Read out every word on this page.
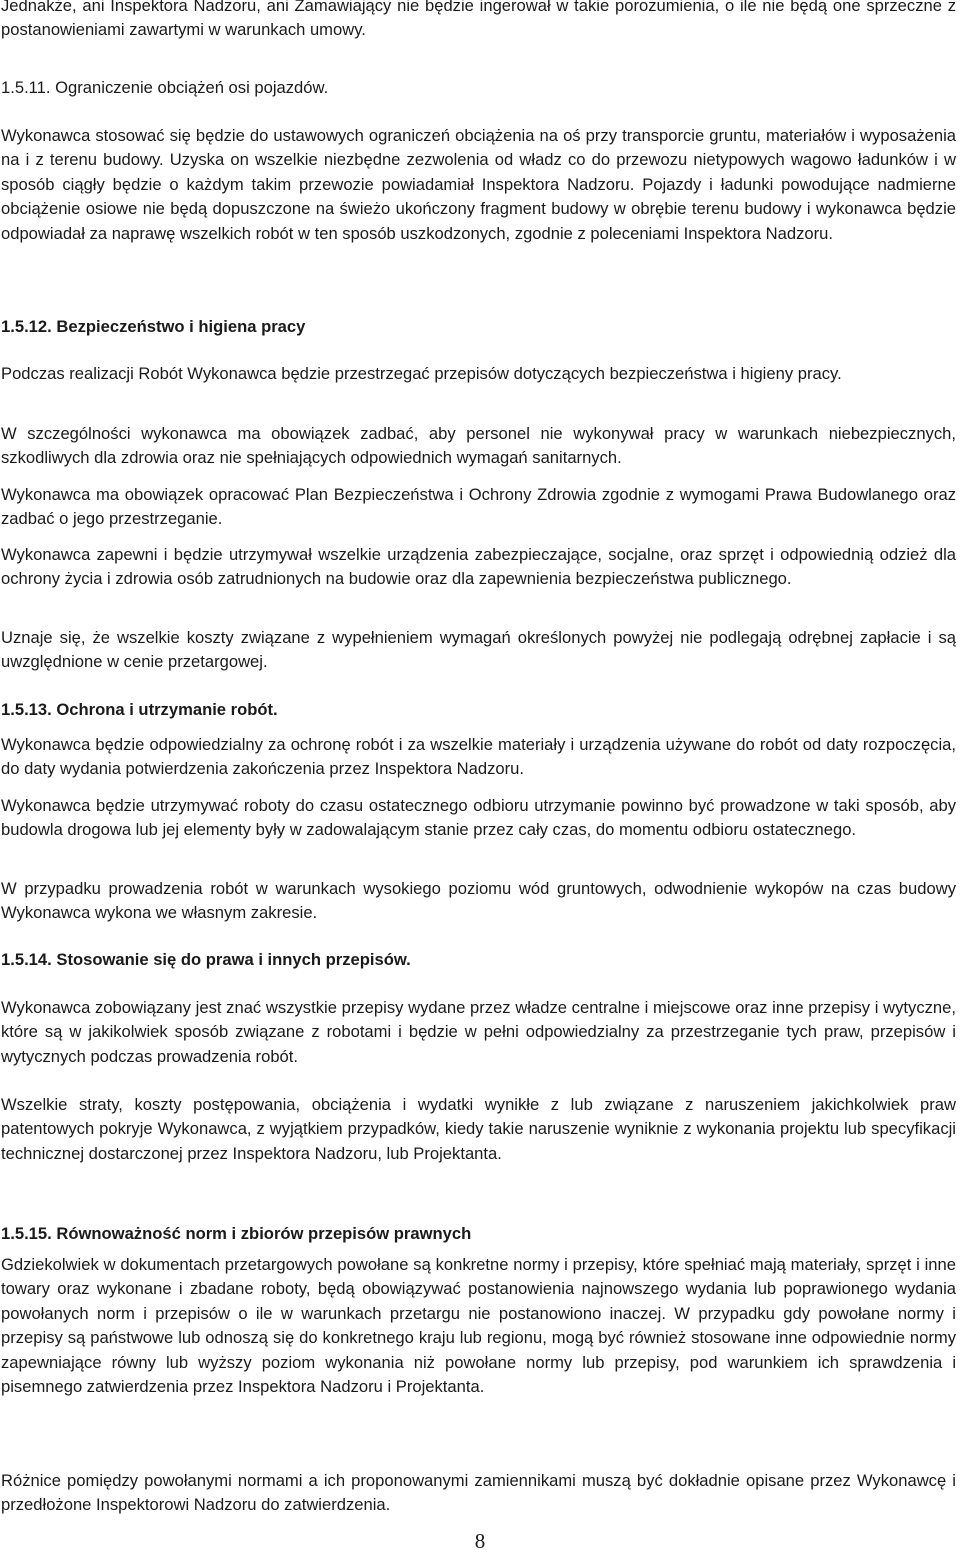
Jednakże, ani Inspektora Nadzoru, ani Zamawiający nie będzie ingerował w takie porozumienia, o ile nie będą one sprzeczne z postanowieniami zawartymi w warunkach umowy.

1.5.11. Ograniczenie obciążeń osi pojazdów.

Wykonawca stosować się będzie do ustawowych ograniczeń obciążenia na oś przy transporcie gruntu, materiałów i wyposażenia na i z terenu budowy. Uzyska on wszelkie niezbędne zezwolenia od władz co do przewozu nietypowych wagowo ładunków i w sposób ciągły będzie o każdym takim przewozie powiadamiał Inspektora Nadzoru. Pojazdy i ładunki powodujące nadmierne obciążenie osiowe nie będą dopuszczone na świeżo ukończony fragment budowy w obrębie terenu budowy i wykonawca będzie odpowiadał za naprawę wszelkich robót w ten sposób uszkodzonych, zgodnie z poleceniami Inspektora Nadzoru.

1.5.12. Bezpieczeństwo i higiena pracy

Podczas realizacji Robót Wykonawca będzie przestrzegać przepisów dotyczących bezpieczeństwa i higieny pracy.

W szczególności wykonawca ma obowiązek zadbać, aby personel nie wykonywał pracy w warunkach niebezpiecznych, szkodliwych dla zdrowia oraz nie spełniających odpowiednich wymagań sanitarnych.

Wykonawca ma obowiązek opracować Plan Bezpieczeństwa i Ochrony Zdrowia zgodnie z wymogami Prawa Budowlanego oraz zadbać o jego przestrzeganie.

Wykonawca zapewni i będzie utrzymywał wszelkie urządzenia zabezpieczające, socjalne, oraz sprzęt i odpowiednią odzież dla ochrony życia i zdrowia osób zatrudnionych na budowie oraz dla zapewnienia bezpieczeństwa publicznego.

Uznaje się, że wszelkie koszty związane z wypełnieniem wymagań określonych powyżej nie podlegają odrębnej zapłacie i są uwzględnione w cenie przetargowej.

1.5.13. Ochrona i utrzymanie robót.

Wykonawca będzie odpowiedzialny za ochronę robót i za wszelkie materiały i urządzenia używane do robót od daty rozpoczęcia, do daty wydania potwierdzenia zakończenia przez Inspektora Nadzoru.

Wykonawca będzie utrzymywać roboty do czasu ostatecznego odbioru utrzymanie powinno być prowadzone w taki sposób, aby budowla drogowa lub jej elementy były w zadowalającym stanie przez cały czas, do momentu odbioru ostatecznego.

W przypadku prowadzenia robót w warunkach wysokiego poziomu wód gruntowych, odwodnienie wykopów na czas budowy Wykonawca wykona we własnym zakresie.

1.5.14. Stosowanie się do prawa i innych przepisów.

Wykonawca zobowiązany jest znać wszystkie przepisy wydane przez władze centralne i miejscowe oraz inne przepisy i wytyczne, które są w jakikolwiek sposób związane z robotami i będzie w pełni odpowiedzialny za przestrzeganie tych praw, przepisów i wytycznych podczas prowadzenia robót.

Wszelkie straty, koszty postępowania, obciążenia i wydatki wynikłe z lub związane z naruszeniem jakichkolwiek praw patentowych pokryje Wykonawca, z wyjątkiem przypadków, kiedy takie naruszenie wyniknie z wykonania projektu lub specyfikacji technicznej dostarczonej przez Inspektora Nadzoru, lub Projektanta.

1.5.15. Równoważność norm i zbiorów przepisów prawnych

Gdziekolwiek w dokumentach przetargowych powołane są konkretne normy i przepisy, które spełniać mają materiały, sprzęt i inne towary oraz wykonane i zbadane roboty, będą obowiązywać postanowienia najnowszego wydania lub poprawionego wydania powołanych norm i przepisów o ile w warunkach przetargu nie postanowiono inaczej. W przypadku gdy powołane normy i przepisy są państwowe lub odnoszą się do konkretnego kraju lub regionu, mogą być również stosowane inne odpowiednie normy zapewniające równy lub wyższy poziom wykonania niż powołane normy lub przepisy, pod warunkiem ich sprawdzenia i pisemnego zatwierdzenia przez Inspektora Nadzoru i Projektanta.

Różnice pomiędzy powołanymi normami a ich proponowanymi zamiennikami muszą być dokładnie opisane przez Wykonawcę i przedłożone Inspektorowi Nadzoru do zatwierdzenia.

8
